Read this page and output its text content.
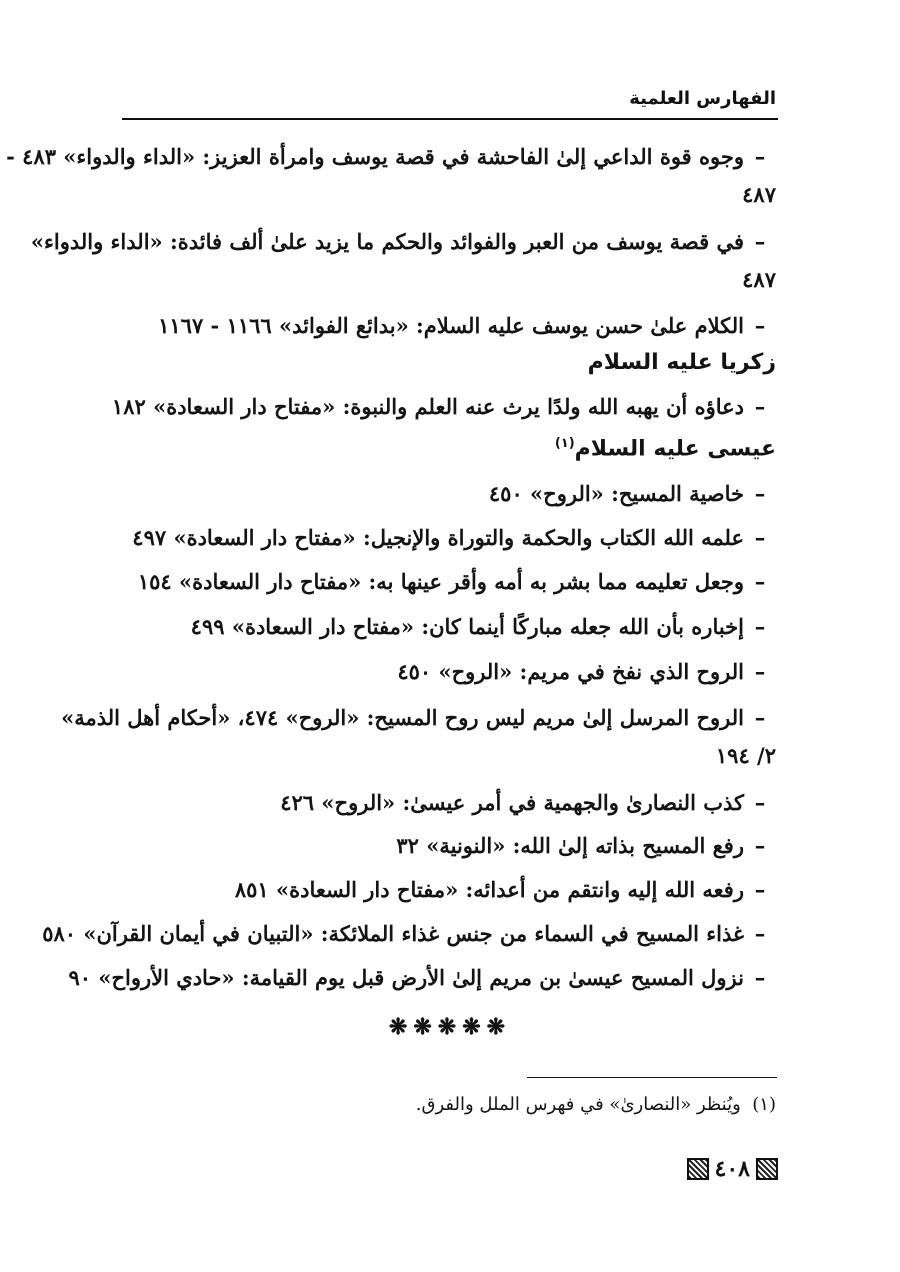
الفهارس العلمية
–وجوه قوة الداعي إلىٰ الفاحشة في قصة يوسف وامرأة العزيز: «الداء والدواء» ٤٨٣ -
٤٨٧
–في قصة يوسف من العبر والفوائد والحكم ما يزيد علىٰ ألف فائدة: «الداء والدواء»
٤٨٧
–الكلام علىٰ حسن يوسف عليه السلام: «بدائع الفوائد» ١١٦٦ - ١١٦٧
زكريا عليه السلام
–دعاؤه أن يهبه الله ولدًا يرث عنه العلم والنبوة: «مفتاح دار السعادة» ١٨٢
عيسى عليه السلام$^{(١)}$
–خاصية المسيح: «الروح» ٤٥٠
–علمه الله الكتاب والحكمة والتوراة والإنجيل: «مفتاح دار السعادة» ٤٩٧
–وجعل تعليمه مما بشر به أمه وأقر عينها به: «مفتاح دار السعادة» ١٥٤
–إخباره بأن الله جعله مباركًا أينما كان: «مفتاح دار السعادة» ٤٩٩
–الروح الذي نفخ في مريم: «الروح» ٤٥٠
–الروح المرسل إلىٰ مريم ليس روح المسيح: «الروح» ٤٧٤، «أحكام أهل الذمة»
٢/ ١٩٤
–كذب النصارىٰ والجهمية في أمر عيسىٰ: «الروح» ٤٢٦
–رفع المسيح بذاته إلىٰ الله: «النونية» ٣٢
–رفعه الله إليه وانتقم من أعدائه: «مفتاح دار السعادة» ٨٥١
–غذاء المسيح في السماء من جنس غذاء الملائكة: «التبيان في أيمان القرآن» ٥٨٠
–نزول المسيح عيسىٰ بن مريم إلىٰ الأرض قبل يوم القيامة: «حادي الأرواح» ٩٠
❋❋❋❋❋
(١)  ويُنظر «النصارىٰ» في فهرس الملل والفرق.
٤٠٨
